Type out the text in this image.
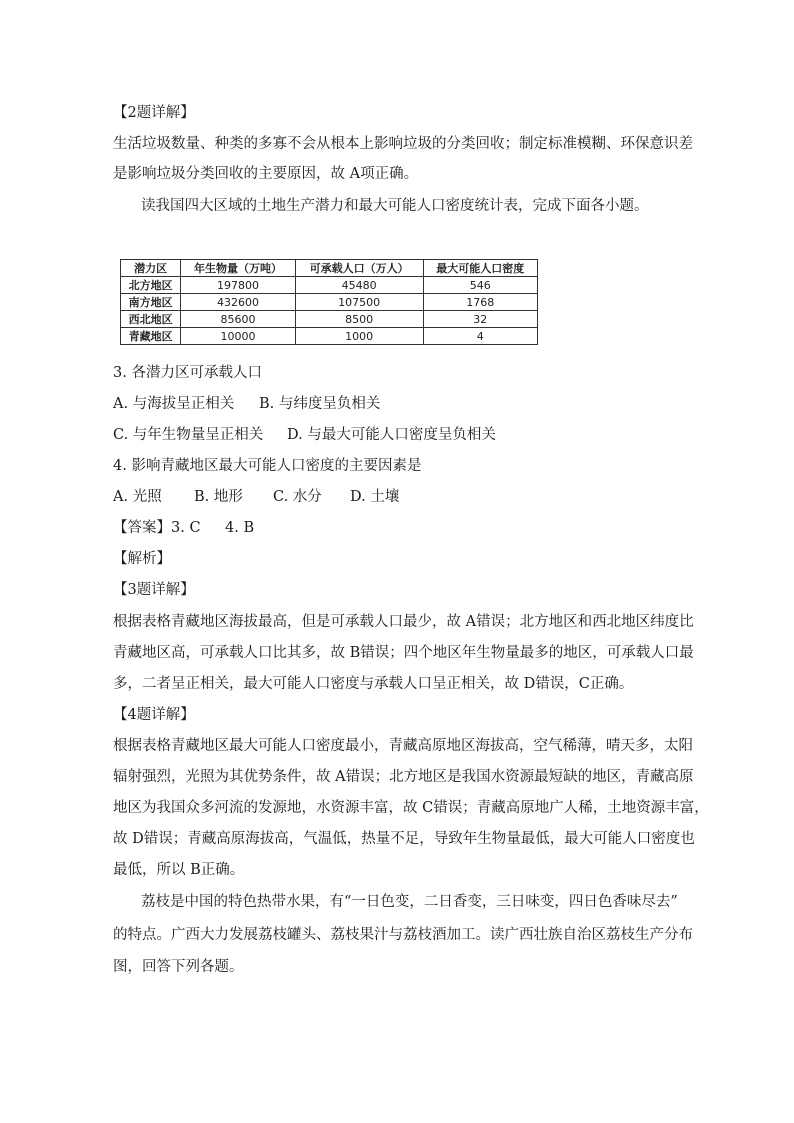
【2题详解】
生活垃圾数量、种类的多寡不会从根本上影响垃圾的分类回收；制定标准模糊、环保意识差
是影响垃圾分类回收的主要原因，故 A项正确。
读我国四大区域的土地生产潜力和最大可能人口密度统计表，完成下面各小题。
潜力区	年生物量（万吨）	可承载人口（万人）	最大可能人口密度
北方地区	197800	45480	546
南方地区	432600	107500	1768
西北地区	85600	8500	32
青藏地区	10000	1000	4
3. 各潜力区可承载人口
A. 与海拔呈正相关 B. 与纬度呈负相关
C. 与年生物量呈正相关 D. 与最大可能人口密度呈负相关
4. 影响青藏地区最大可能人口密度的主要因素是
A. 光照 B. 地形 C. 水分 D. 土壤
【答案】3. C 4. B
【解析】
【3题详解】
根据表格青藏地区海拔最高，但是可承载人口最少，故 A错误；北方地区和西北地区纬度比
青藏地区高，可承载人口比其多，故 B错误；四个地区年生物量最多的地区，可承载人口最
多，二者呈正相关，最大可能人口密度与承载人口呈正相关，故 D错误，C正确。
【4题详解】
根据表格青藏地区最大可能人口密度最小，青藏高原地区海拔高，空气稀薄，晴天多，太阳
辐射强烈，光照为其优势条件，故 A错误；北方地区是我国水资源最短缺的地区，青藏高原
地区为我国众多河流的发源地，水资源丰富，故 C错误；青藏高原地广人稀，土地资源丰富，
故 D错误；青藏高原海拔高，气温低，热量不足，导致年生物量最低，最大可能人口密度也
最低，所以 B正确。
荔枝是中国的特色热带水果，有“一日色变，二日香变，三日味变，四日色香味尽去”
的特点。广西大力发展荔枝罐头、荔枝果汁与荔枝酒加工。读广西壮族自治区荔枝生产分布
图，回答下列各题。
